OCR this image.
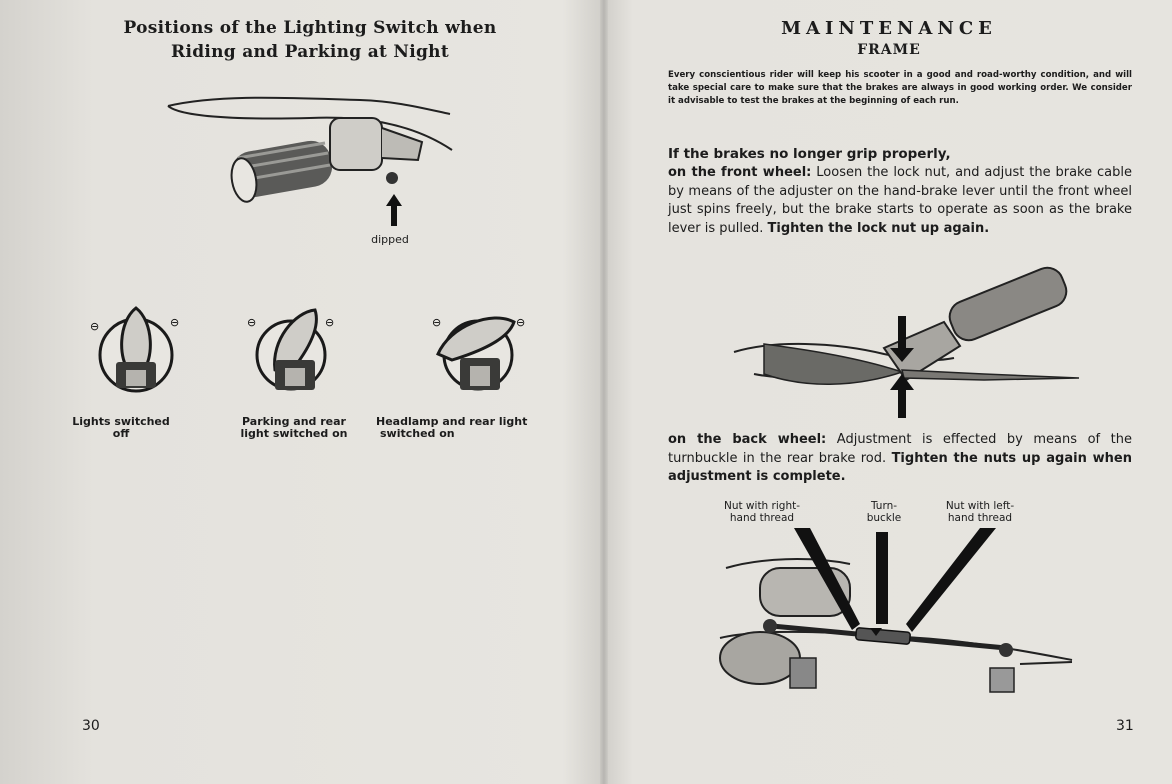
Positions of the Lighting Switch when
Riding and Parking at Night
dipped
⊖	⊖	⊖	⊖	⊖	⊖
Lights switched
off
Parking and rear
light switched on
Headlamp and rear light
switched on
30
MAINTENANCE
FRAME
Every conscientious rider will keep his scooter in a good and road-worthy condition, and will take special care to make sure that the brakes are always in good working order. We consider it advisable to test the brakes at the beginning of each run.
If the brakes no longer grip properly,
on the front wheel: Loosen the lock nut, and adjust the brake cable by means of the adjuster on the hand-brake lever until the front wheel just spins freely, but the brake starts to operate as soon as the brake lever is pulled. Tighten the lock nut up again.
on the back wheel: Adjustment is effected by means of the turnbuckle in the rear brake rod. Tighten the nuts up again when adjustment is complete.
Nut with right-
hand thread
Turn-
buckle
Nut with left-
hand thread
31
